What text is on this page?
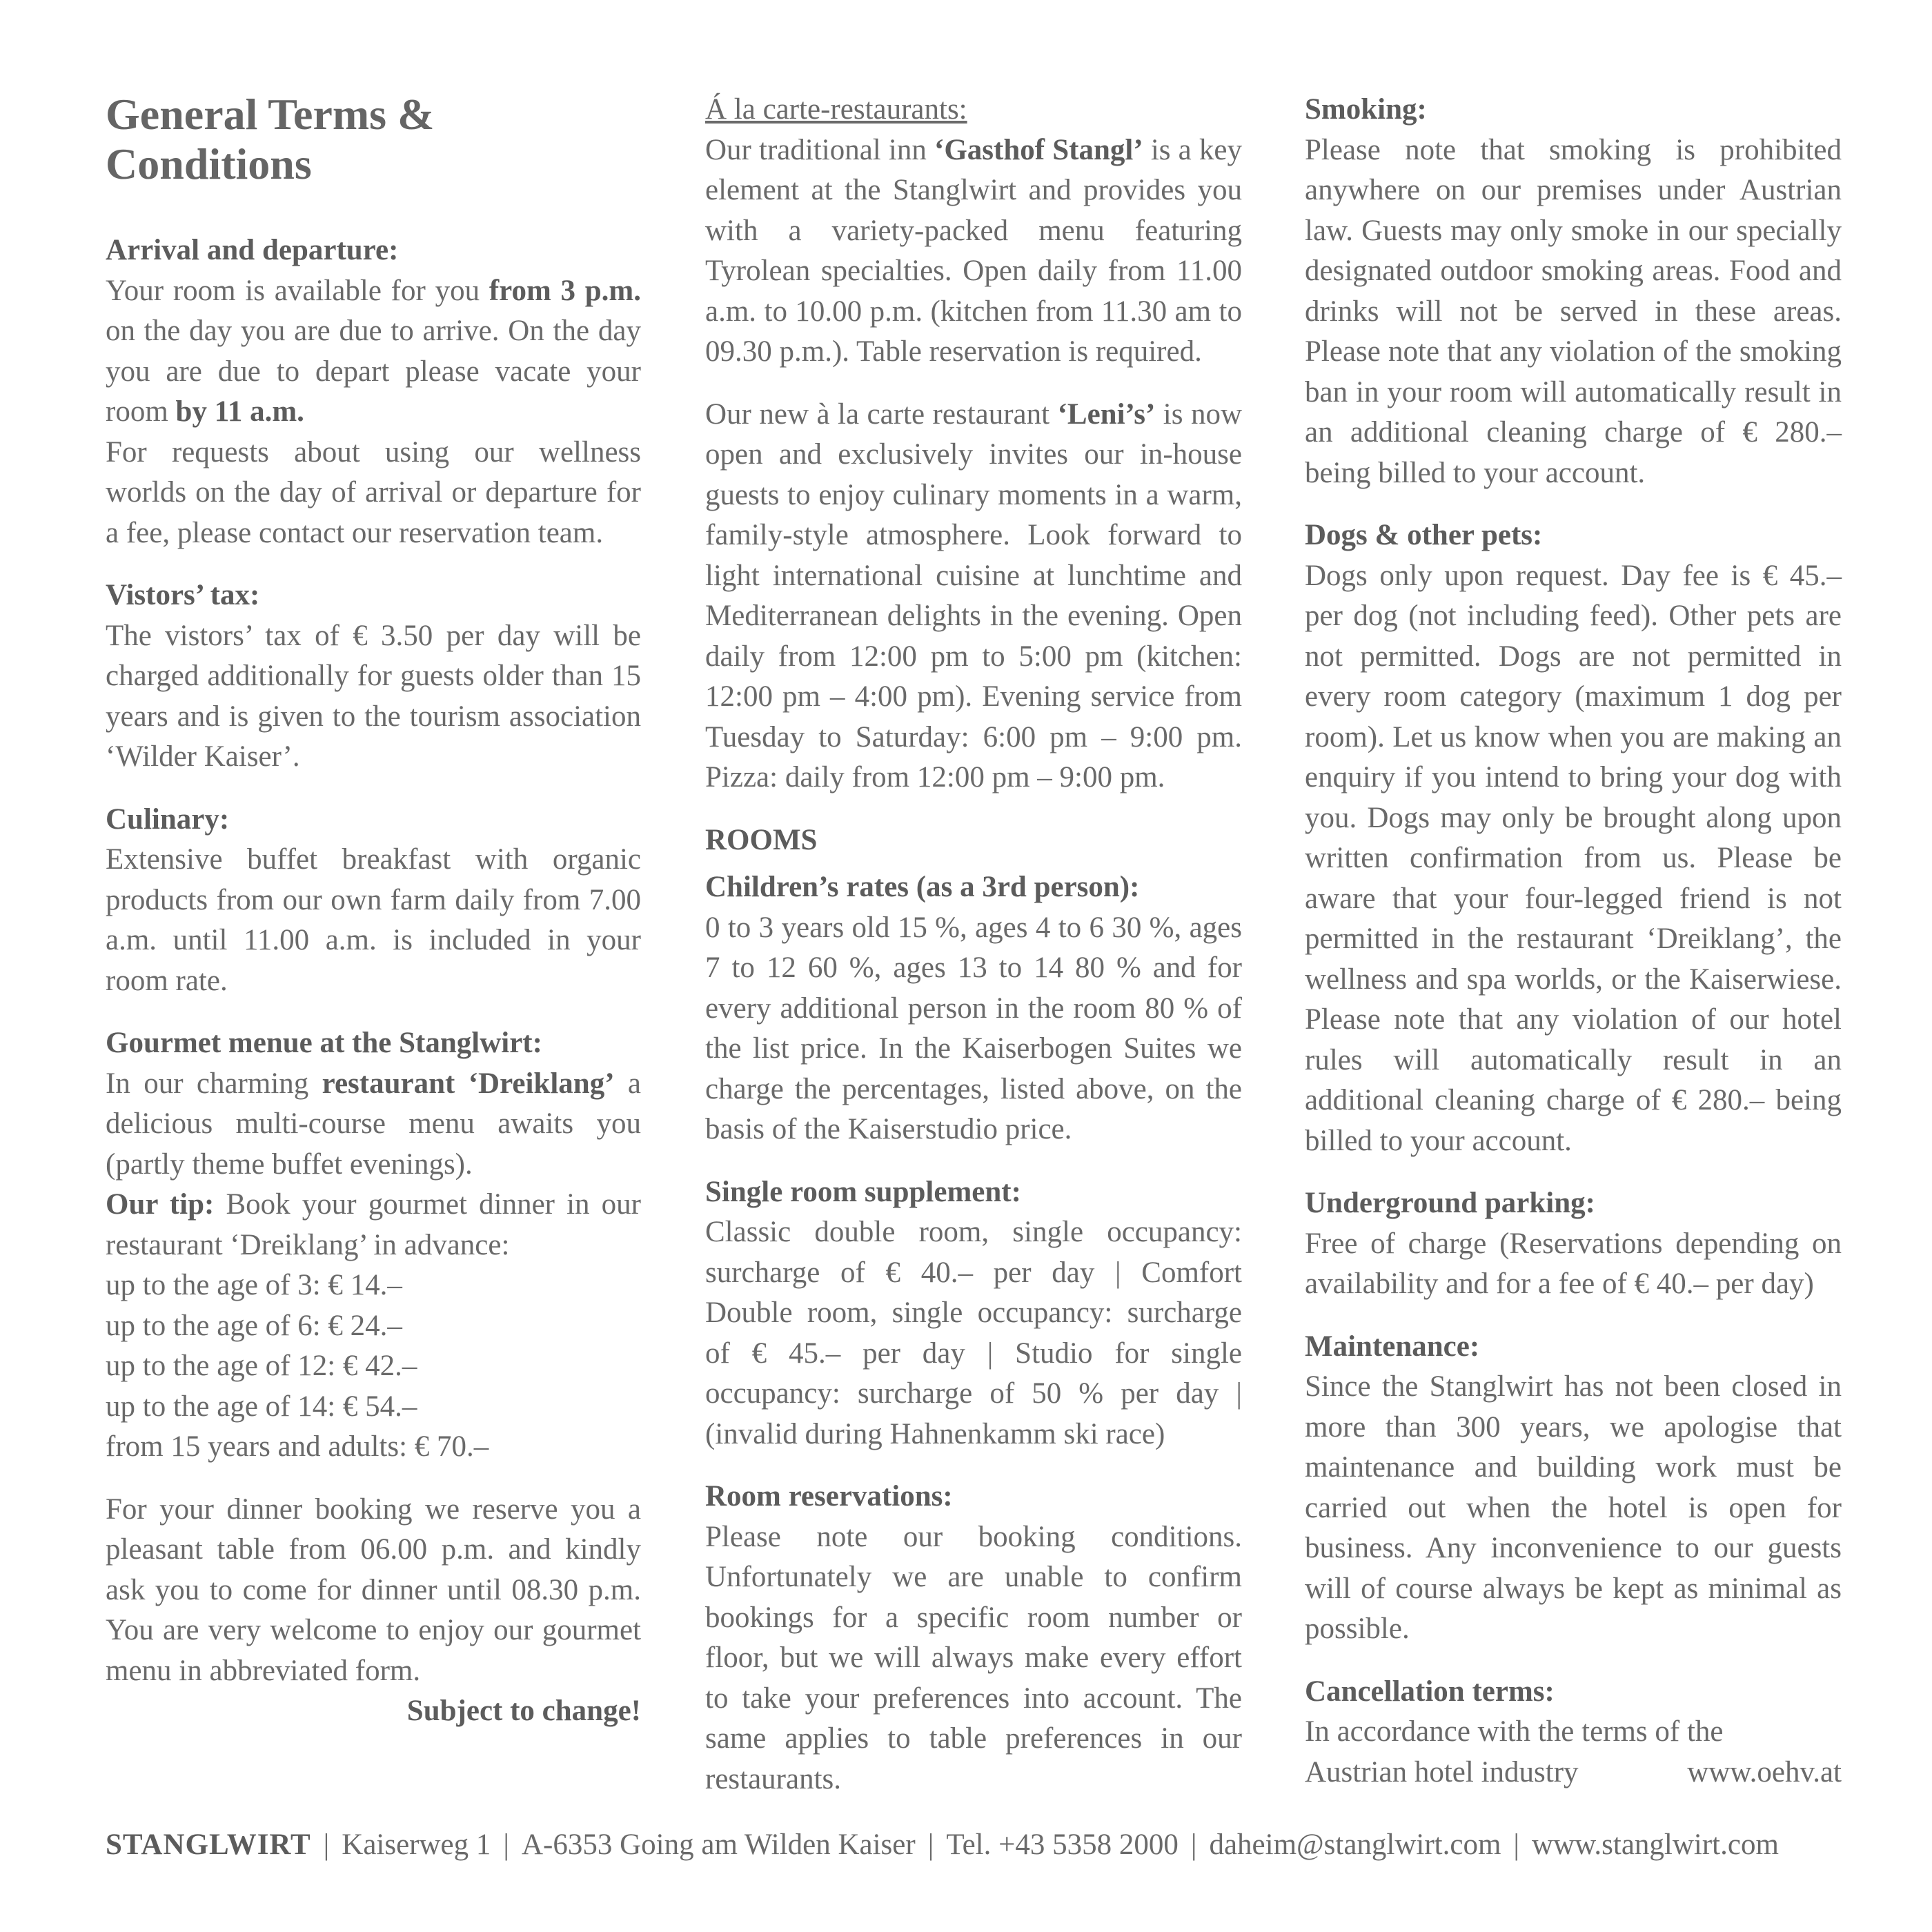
General Terms & Conditions
Arrival and departure:

Your room is available for you from 3 p.m. on the day you are due to arrive. On the day you are due to depart please vacate your room by 11 a.m.

For requests about using our wellness worlds on the day of arrival or departure for a fee, please contact our reservation team.

Vistors’ tax:

The vistors’ tax of € 3.50 per day will be charged additionally for guests older than 15 years and is given to the tourism association ‘Wilder Kaiser’.

Culinary:

Extensive buffet breakfast with organic products from our own farm daily from 7.00 a.m. until 11.00 a.m. is included in your room rate.

Gourmet menue at the Stanglwirt:

In our charming restaurant ‘Dreiklang’ a delicious multi-course menu awaits you (partly theme buffet evenings).

Our tip: Book your gourmet dinner in our restaurant ‘Dreiklang’ in advance:

up to the age of 3: € 14.–
up to the age of 6: € 24.–
up to the age of 12: € 42.–
up to the age of 14: € 54.–
from 15 years and adults: € 70.–

For your dinner booking we reserve you a pleasant table from 06.00 p.m. and kindly ask you to come for dinner until 08.30 p.m. You are very welcome to enjoy our gourmet menu in abbreviated form.

Subject to change!
Á la carte-restaurants:

Our traditional inn ‘Gasthof Stangl’ is a key element at the Stanglwirt and provides you with a variety-packed menu featuring Tyrolean specialties. Open daily from 11.00 a.m. to 10.00 p.m. (kitchen from 11.30 am to 09.30 p.m.). Table reservation is required.

Our new à la carte restaurant ‘Leni’s’ is now open and exclusively invites our in-house guests to enjoy culinary moments in a warm, family-style atmosphere. Look forward to light international cuisine at lunchtime and Mediterranean delights in the evening. Open daily from 12:00 pm to 5:00 pm (kitchen: 12:00 pm – 4:00 pm). Evening service from Tuesday to Saturday: 6:00 pm – 9:00 pm. Pizza: daily from 12:00 pm – 9:00 pm.

ROOMS
Children’s rates (as a 3rd person):

0 to 3 years old 15 %, ages 4 to 6 30 %, ages 7 to 12 60 %, ages 13 to 14 80 % and for every additional person in the room 80 % of the list price. In the Kaiserbogen Suites we charge the percentages, listed above, on the basis of the Kaiserstudio price.

Single room supplement:

Classic double room, single occupancy: surcharge of € 40.– per day | Comfort Double room, single occupancy: surcharge of € 45.– per day | Studio for single occupancy: surcharge of 50 % per day | (invalid during Hahnenkamm ski race)

Room reservations:

Please note our booking conditions. Unfortunately we are unable to confirm bookings for a specific room number or floor, but we will always make every effort to take your preferences into account. The same applies to table preferences in our restaurants.

Smoking:

Please note that smoking is prohibited anywhere on our premises under Austrian law. Guests may only smoke in our specially designated outdoor smoking areas. Food and drinks will not be served in these areas. Please note that any violation of the smoking ban in your room will automatically result in an additional cleaning charge of € 280.– being billed to your account.

Dogs & other pets:

Dogs only upon request. Day fee is € 45.– per dog (not including feed). Other pets are not permitted. Dogs are not permitted in every room category (maximum 1 dog per room). Let us know when you are making an enquiry if you intend to bring your dog with you. Dogs may only be brought along upon written confirmation from us. Please be aware that your four-legged friend is not permitted in the restaurant ‘Dreiklang’, the wellness and spa worlds, or the Kaiserwiese. Please note that any violation of our hotel rules will automatically result in an additional cleaning charge of € 280.– being billed to your account.

Underground parking:

Free of charge (Reservations depending on availability and for a fee of € 40.– per day)

Maintenance:

Since the Stanglwirt has not been closed in more than 300 years, we apologise that maintenance and building work must be carried out when the hotel is open for business. Any inconvenience to our guests will of course always be kept as minimal as possible.

Cancellation terms:
In accordance with the terms of the
Austrian hotel industry	www.oehv.at
STANGLWIRT | Kaiserweg 1 | A-6353 Going am Wilden Kaiser | Tel. +43 5358 2000 | daheim@stanglwirt.com | www.stanglwirt.com
